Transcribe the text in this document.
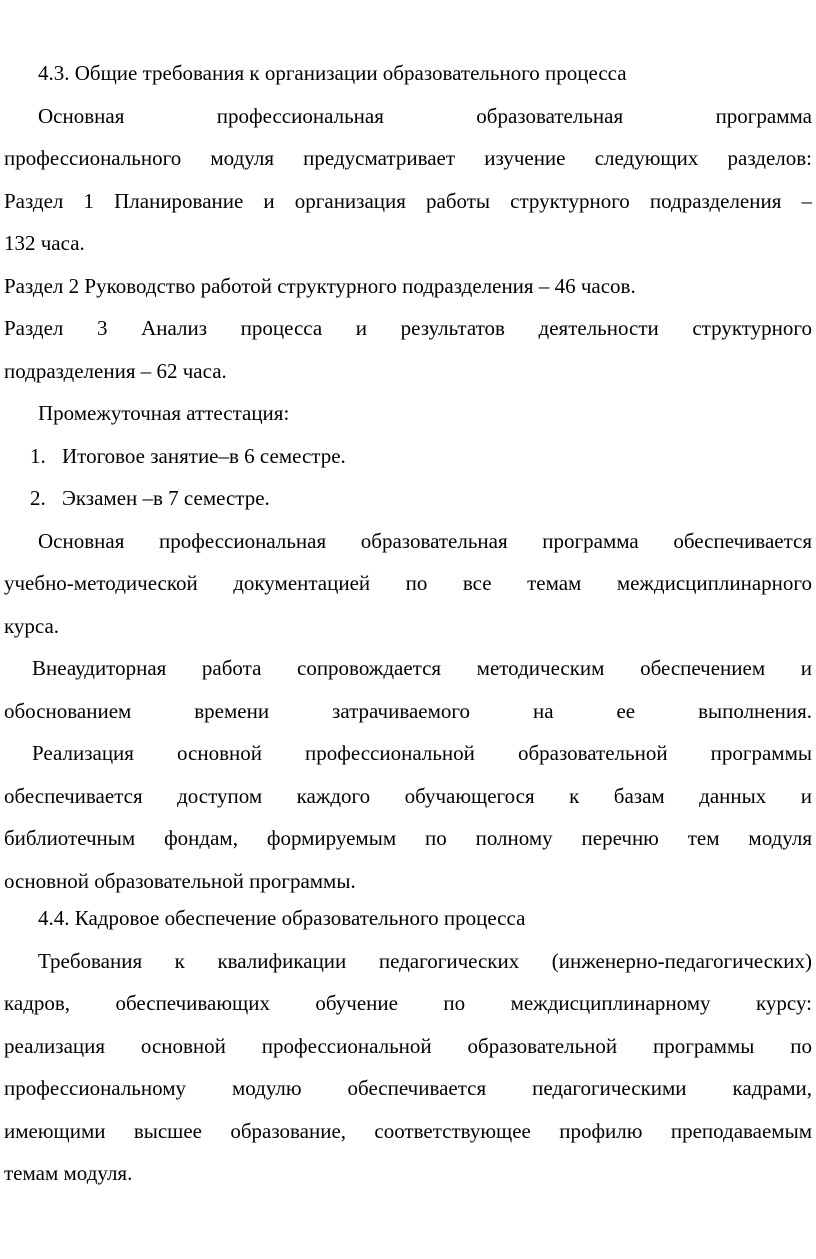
4.3. Общие требования к организации образовательного процесса
Основная профессиональная образовательная программа
профессионального модуля предусматривает изучение следующих разделов:
Раздел 1 Планирование и организация работы структурного подразделения –
132 часа.
Раздел 2 Руководство работой структурного подразделения – 46 часов.
Раздел 3 Анализ процесса и результатов деятельности структурного
подразделения – 62 часа.
Промежуточная аттестация:
1. Итоговое занятие–в 6 семестре.
2. Экзамен –в 7 семестре.
Основная профессиональная образовательная программа обеспечивается
учебно-методической документацией по все темам междисциплинарного
курса.
Внеаудиторная работа сопровождается методическим обеспечением и
обоснованием времени затрачиваемого на ее выполнения.
Реализация основной профессиональной образовательной программы
обеспечивается доступом каждого обучающегося к базам данных и
библиотечным фондам, формируемым по полному перечню тем модуля
основной образовательной программы.
4.4. Кадровое обеспечение образовательного процесса
Требования к квалификации педагогических (инженерно-педагогических)
кадров, обеспечивающих обучение по междисциплинарному курсу:
реализация основной профессиональной образовательной программы по
профессиональному модулю обеспечивается педагогическими кадрами,
имеющими высшее образование, соответствующее профилю преподаваемым
темам модуля.
